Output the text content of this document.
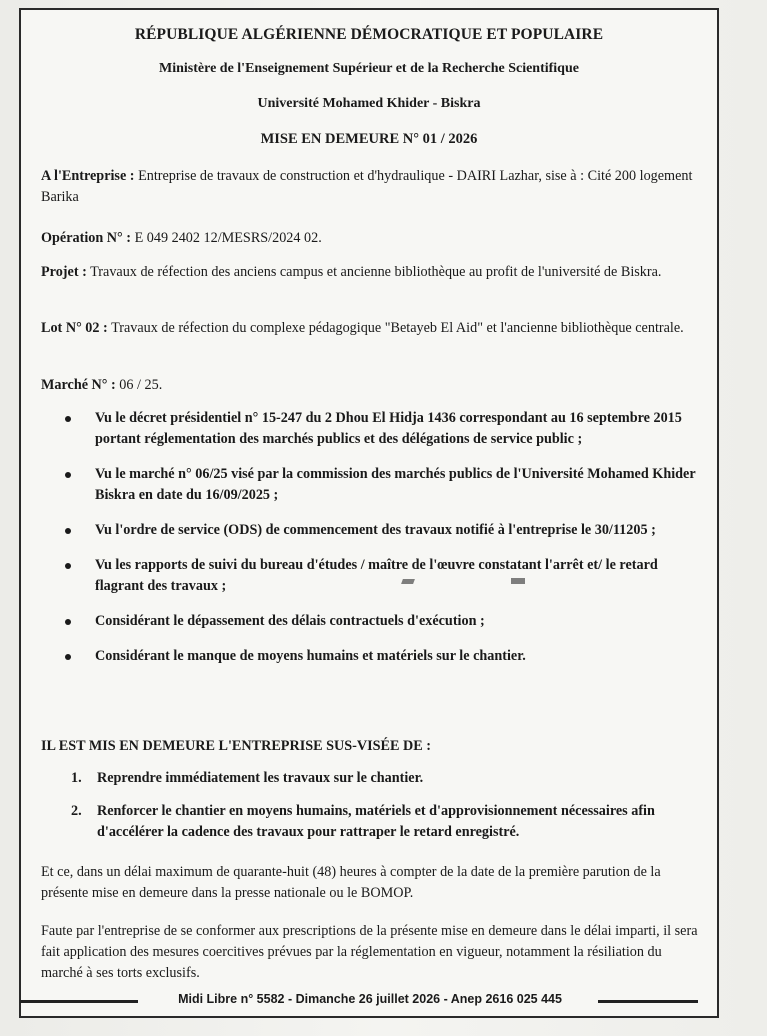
RÉPUBLIQUE ALGÉRIENNE DÉMOCRATIQUE ET POPULAIRE

Ministère de l'Enseignement Supérieur et de la Recherche Scientifique

Université Mohamed Khider - Biskra

MISE EN DEMEURE N° 01 / 2026

A l'Entreprise : Entreprise de travaux de construction et d'hydraulique - DAIRI Lazhar, sise à : Cité 200 logement Barika

Opération N° : E 049 2402 12/MESRS/2024 02.

Projet : Travaux de réfection des anciens campus et ancienne bibliothèque au profit de l'université de Biskra.

Lot N° 02 : Travaux de réfection du complexe pédagogique "Betayeb El Aid" et l'ancienne bibliothèque centrale.

Marché N° : 06 / 25.

Vu le décret présidentiel n° 15-247 du 2 Dhou El Hidja 1436 correspondant au 16 septembre 2015 portant réglementation des marchés publics et des délégations de service public ;
Vu le marché n° 06/25 visé par la commission des marchés publics de l'Université Mohamed Khider Biskra en date du 16/09/2025 ;
Vu l'ordre de service (ODS) de commencement des travaux notifié à l'entreprise le 30/11205 ;
Vu les rapports de suivi du bureau d'études / maître de l'œuvre constatant l'arrêt et/ le retard flagrant des travaux ;
Considérant le dépassement des délais contractuels d'exécution ;
Considérant le manque de moyens humains et matériels sur le chantier.

IL EST MIS EN DEMEURE L'ENTREPRISE SUS-VISÉE DE :

1. Reprendre immédiatement les travaux sur le chantier.
2. Renforcer le chantier en moyens humains, matériels et d'approvisionnement nécessaires afin d'accélérer la cadence des travaux pour rattraper le retard enregistré.

Et ce, dans un délai maximum de quarante-huit (48) heures à compter de la date de la première parution de la présente mise en demeure dans la presse nationale ou le BOMOP.

Faute par l'entreprise de se conformer aux prescriptions de la présente mise en demeure dans le délai imparti, il sera fait application des mesures coercitives prévues par la réglementation en vigueur, notamment la résiliation du marché à ses torts exclusifs.

Midi Libre n° 5582 - Dimanche 26 juillet 2026 - Anep 2616 025 445
